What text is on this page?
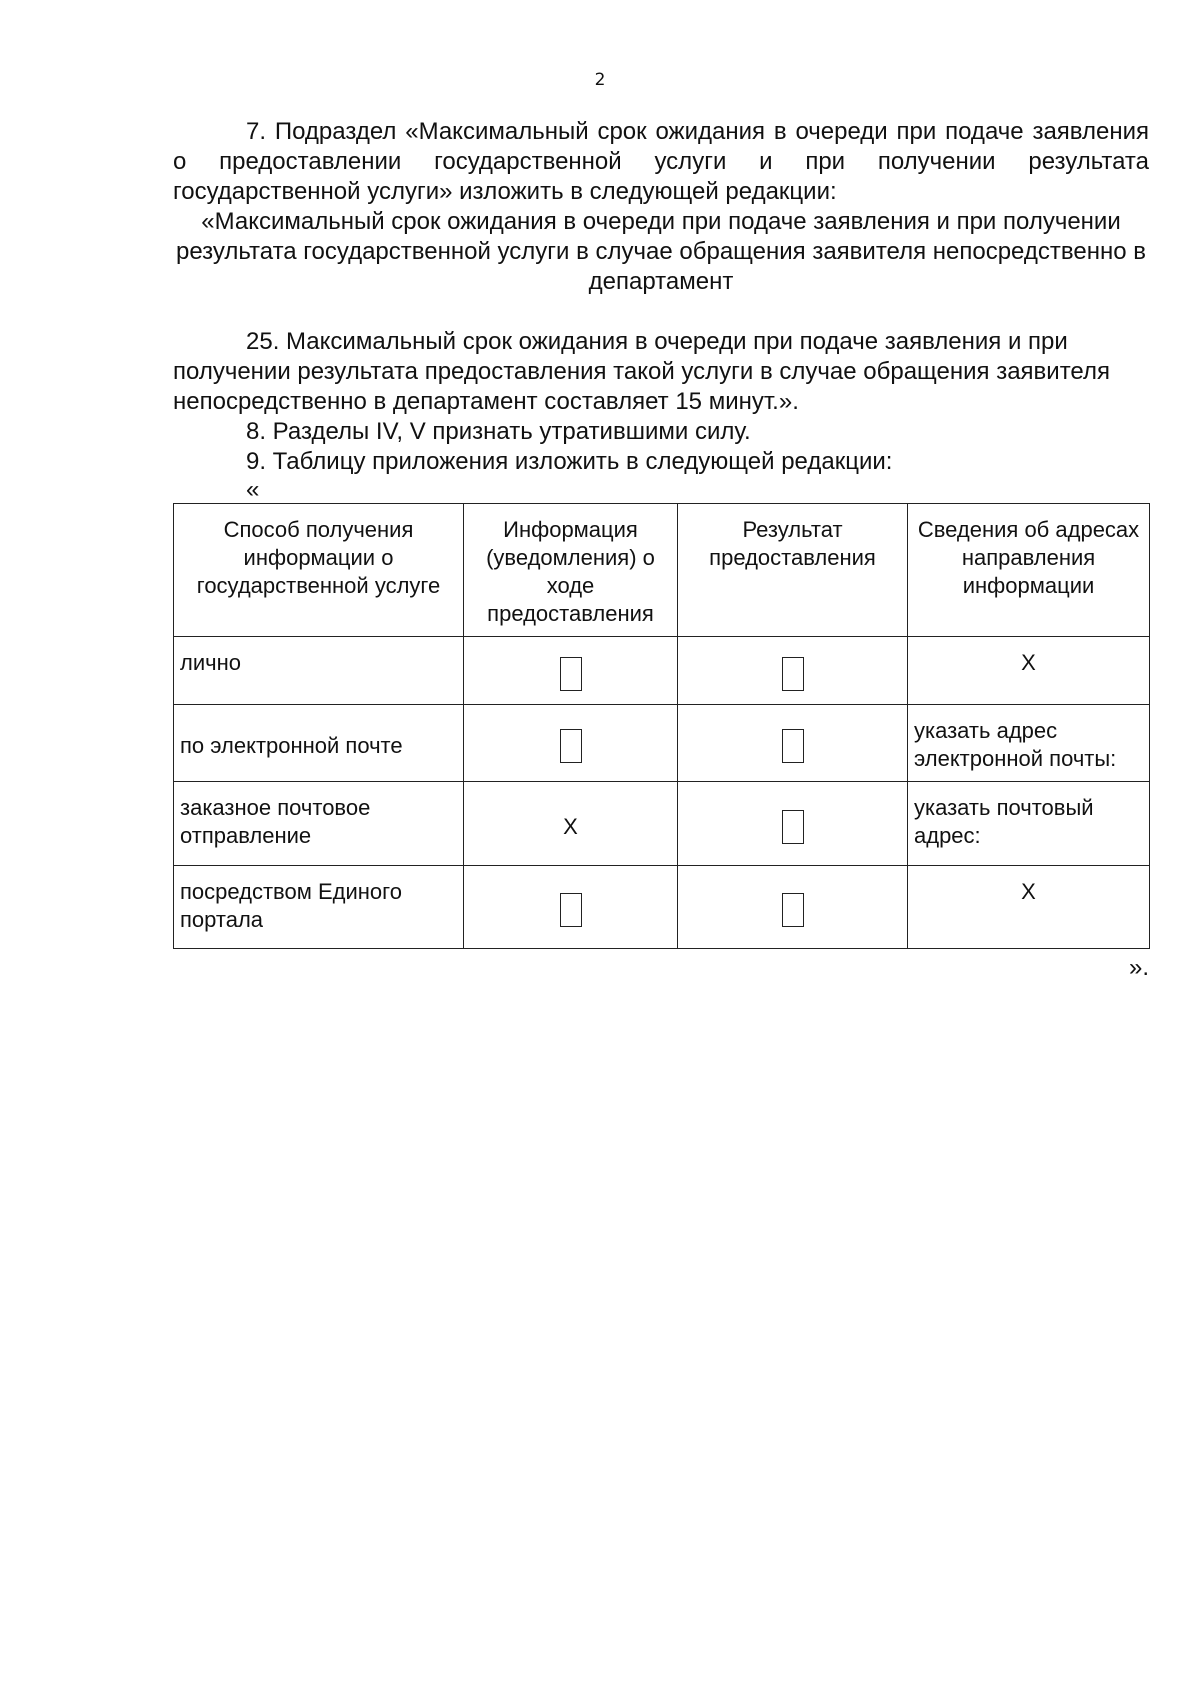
2

7. Подраздел «Максимальный срок ожидания в очереди при подаче заявления о предоставлении государственной услуги и при получении результата государственной услуги» изложить в следующей редакции:

«Максимальный срок ожидания в очереди при подаче заявления и при получении результата государственной услуги в случае обращения заявителя непосредственно в департамент

25. Максимальный срок ожидания в очереди при подаче заявления и при получении результата предоставления такой услуги в случае обращения заявителя непосредственно в департамент составляет 15 минут.».

8. Разделы IV, V признать утратившими силу.

9. Таблицу приложения изложить в следующей редакции:

«
Способ получения информации о государственной услуге	Информация (уведомления) о ходе предоставления	Результат предоставления	Сведения об адресах направления информации
лично			Х
по электронной почте			указать адрес электронной почты:
заказное почтовое отправление	Х		указать почтовый адрес:
посредством Единого портала			Х
».
